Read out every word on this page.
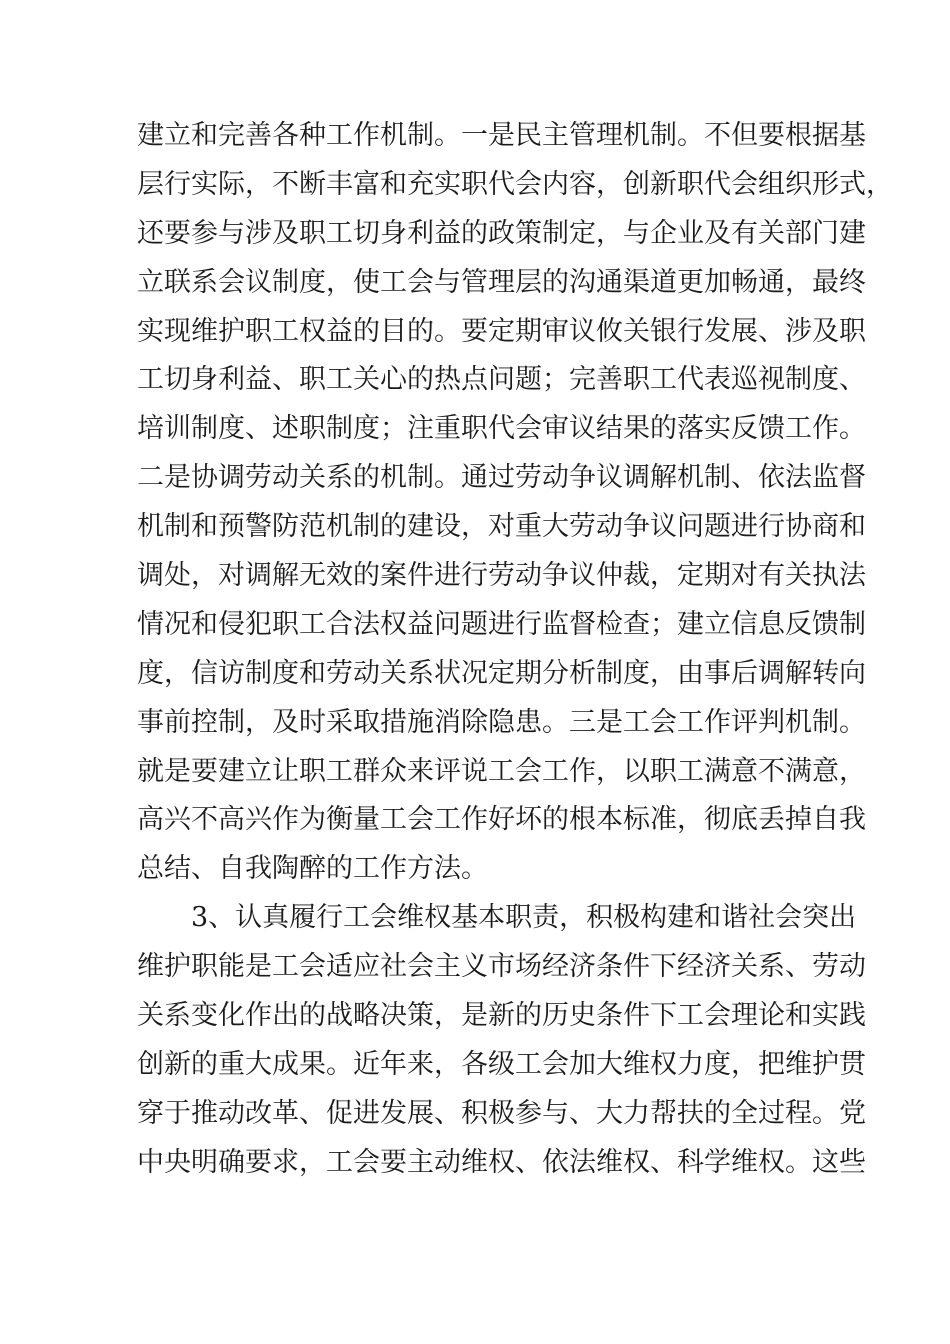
建立和完善各种工作机制。一是民主管理机制。不但要根据基
层行实际，不断丰富和充实职代会内容，创新职代会组织形式，
还要参与涉及职工切身利益的政策制定，与企业及有关部门建
立联系会议制度，使工会与管理层的沟通渠道更加畅通，最终
实现维护职工权益的目的。要定期审议攸关银行发展、涉及职
工切身利益、职工关心的热点问题；完善职工代表巡视制度、
培训制度、述职制度；注重职代会审议结果的落实反馈工作。
二是协调劳动关系的机制。通过劳动争议调解机制、依法监督
机制和预警防范机制的建设，对重大劳动争议问题进行协商和
调处，对调解无效的案件进行劳动争议仲裁，定期对有关执法
情况和侵犯职工合法权益问题进行监督检查；建立信息反馈制
度，信访制度和劳动关系状况定期分析制度，由事后调解转向
事前控制，及时采取措施消除隐患。三是工会工作评判机制。
就是要建立让职工群众来评说工会工作，以职工满意不满意，
高兴不高兴作为衡量工会工作好坏的根本标准，彻底丢掉自我
总结、自我陶醉的工作方法。
3、认真履行工会维权基本职责，积极构建和谐社会突出
维护职能是工会适应社会主义市场经济条件下经济关系、劳动
关系变化作出的战略决策，是新的历史条件下工会理论和实践
创新的重大成果。近年来，各级工会加大维权力度，把维护贯
穿于推动改革、促进发展、积极参与、大力帮扶的全过程。党
中央明确要求，工会要主动维权、依法维权、科学维权。这些
